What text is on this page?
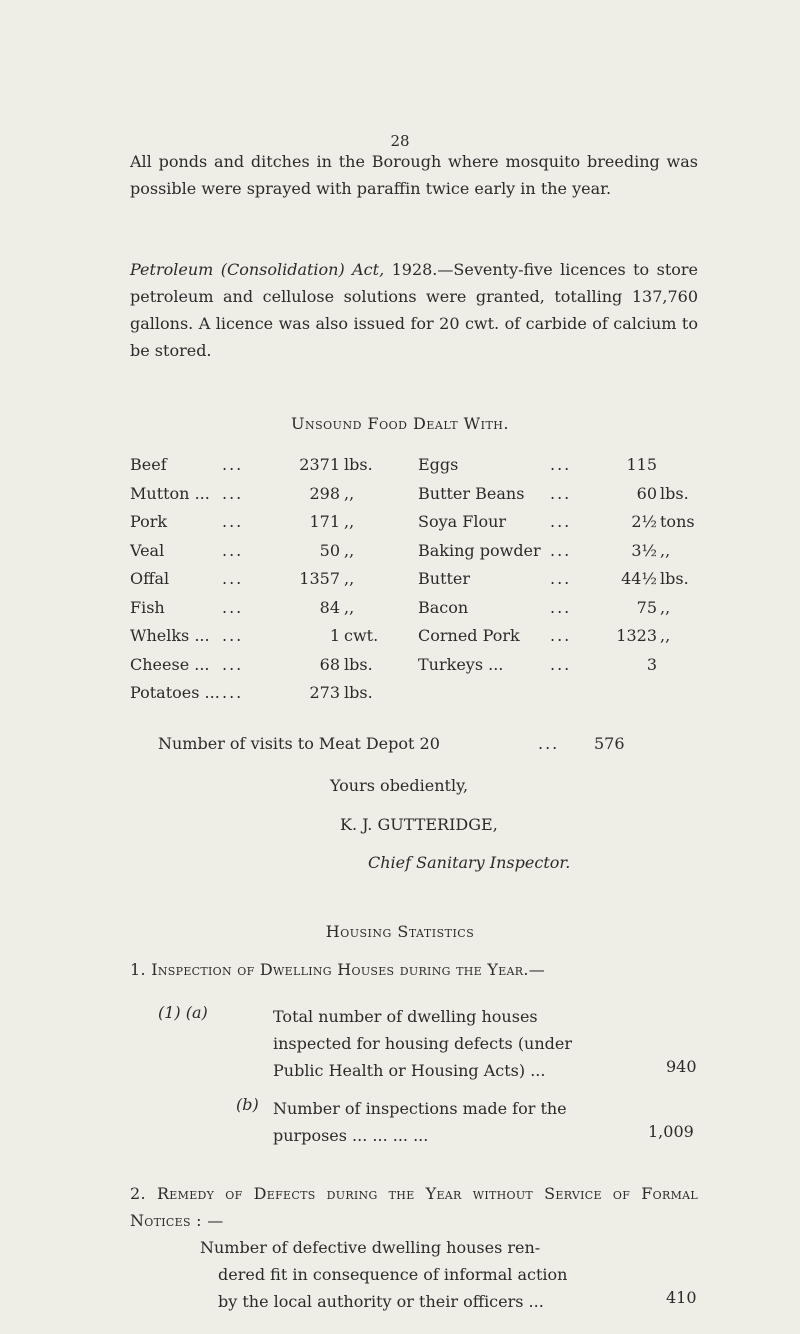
28

All ponds and ditches in the Borough where mosquito breeding was possible were sprayed with paraffin twice early in the year.

Petroleum (Consolidation) Act, 1928.—Seventy-five licences to store petroleum and cellulose solutions were granted, totalling 137,760 gallons. A licence was also issued for 20 cwt. of carbide of calcium to be stored.

Unsound Food Dealt With.
Beef	...	2371 lbs.	Eggs	...	115
Mutton ... ...	298 ,,	Butter Beans ...	60 lbs.
Pork	...	171 ,,	Soya Flour	...	2½ tons
Veal	...	50 ,,	Baking powder ...	3½ ,,
Offal	...	1357 ,,	Butter	...	44½ lbs.
Fish	...	84 ,,	Bacon	...	75 ,,
Whelks ... ...	1 cwt. Corned Pork ...	1323 ,,
Cheese ... ...	68 lbs.	Turkeys ...	...	3
Potatoes ... ...	273 lbs.
Number of visits to Meat Depot 20	... 576
Yours obediently,
K. J. GUTTERIDGE,
Chief Sanitary Inspector.
Housing Statistics
1. Inspection of Dwelling Houses during the Year.—
(1) (a)	Total number of dwelling houses
inspected for housing defects (under
Public Health or Housing Acts) ...	940
(b) Number of inspections made for the
purposes ... ... ... ...	1,009
2. Remedy of Defects during the Year without Service of Formal Notices : —
Number of defective dwelling houses ren-
dered fit in consequence of informal action
by the local authority or their officers ...	410
